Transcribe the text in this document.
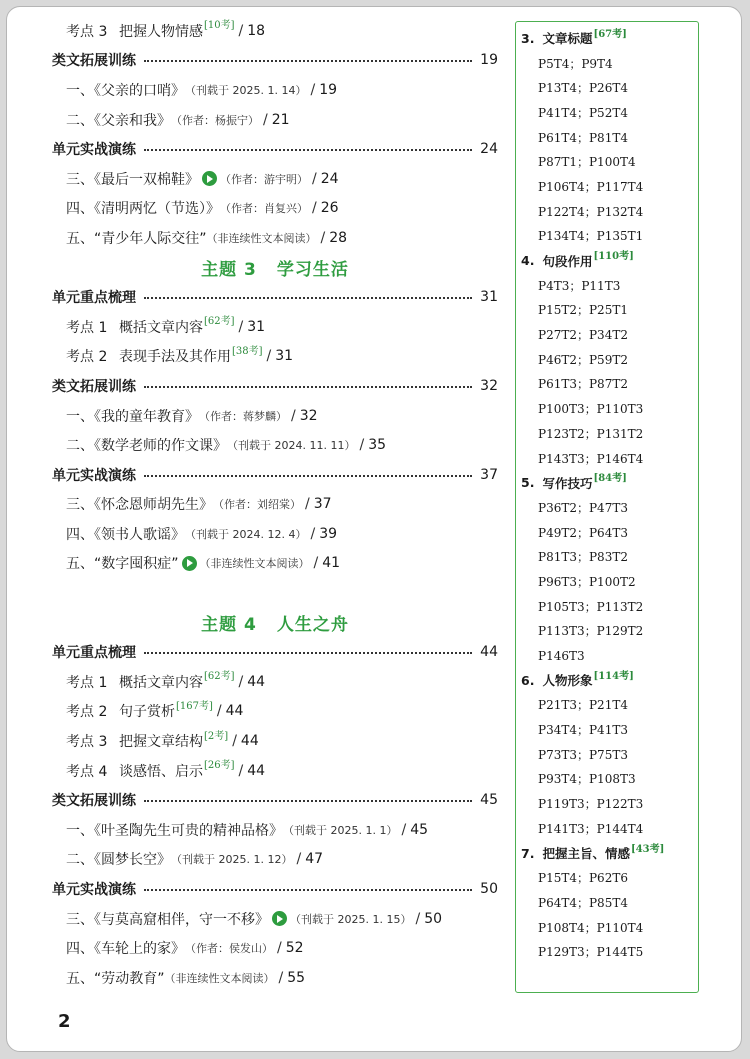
考点 3 把握人物情感 [ 10考 ] / 18
类文拓展训练	19
一、《父亲的口哨》 （刊载于 2025. 1. 14） / 19
二、《父亲和我》 （作者：杨振宁） / 21
单元实战演练	24
三、《最后一双棉鞋》 （作者：游宇明） / 24
四、《清明两忆（节选）》 （作者：肖复兴） / 26
五、“青少年人际交往” （非连续性文本阅读） / 28
主题 3 学习生活
单元重点梳理	31
考点 1 概括文章内容 [ 62考 ] / 31
考点 2 表现手法及其作用 [ 38考 ] / 31
类文拓展训练	32
一、《我的童年教育》 （作者：蒋梦麟） / 32
二、《数学老师的作文课》 （刊载于 2024. 11. 11） / 35
单元实战演练	37
三、《怀念恩师胡先生》 （作者：刘绍棠） / 37
四、《领书人歌谣》 （刊载于 2024. 12. 4） / 39
五、“数字囤积症” （非连续性文本阅读） / 41
主题 4 人生之舟
单元重点梳理	44
考点 1 概括文章内容 [ 62考 ] / 44
考点 2 句子赏析 [ 167考 ] / 44
考点 3 把握文章结构 [ 2考 ] / 44
考点 4 谈感悟、启示 [ 26考 ] / 44
类文拓展训练	45
一、《叶圣陶先生可贵的精神品格》 （刊载于 2025. 1. 1） / 45
二、《圆梦长空》 （刊载于 2025. 1. 12） / 47
单元实战演练	50
三、《与莫高窟相伴，守一不移》 （刊载于 2025. 1. 15） / 50
四、《车轮上的家》 （作者：侯发山） / 52
五、“劳动教育” （非连续性文本阅读） / 55
3. 文章标题 [ 67考 ]
P5T4；P9T4
P13T4；P26T4
P41T4；P52T4
P61T4；P81T4
P87T1；P100T4
P106T4；P117T4
P122T4；P132T4
P134T4；P135T1
4. 句段作用 [ 110考 ]
P4T3；P11T3
P15T2；P25T1
P27T2；P34T2
P46T2；P59T2
P61T3；P87T2
P100T3；P110T3
P123T2；P131T2
P143T3；P146T4
5. 写作技巧 [ 84考 ]
P36T2；P47T3
P49T2；P64T3
P81T3；P83T2
P96T3；P100T2
P105T3；P113T2
P113T3；P129T2
P146T3
6. 人物形象 [ 114考 ]
P21T3；P21T4
P34T4；P41T3
P73T3；P75T3
P93T4；P108T3
P119T3；P122T3
P141T3；P144T4
7. 把握主旨、情感 [ 43考 ]
P15T4；P62T6
P64T4；P85T4
P108T4；P110T4
P129T3；P144T5
2
